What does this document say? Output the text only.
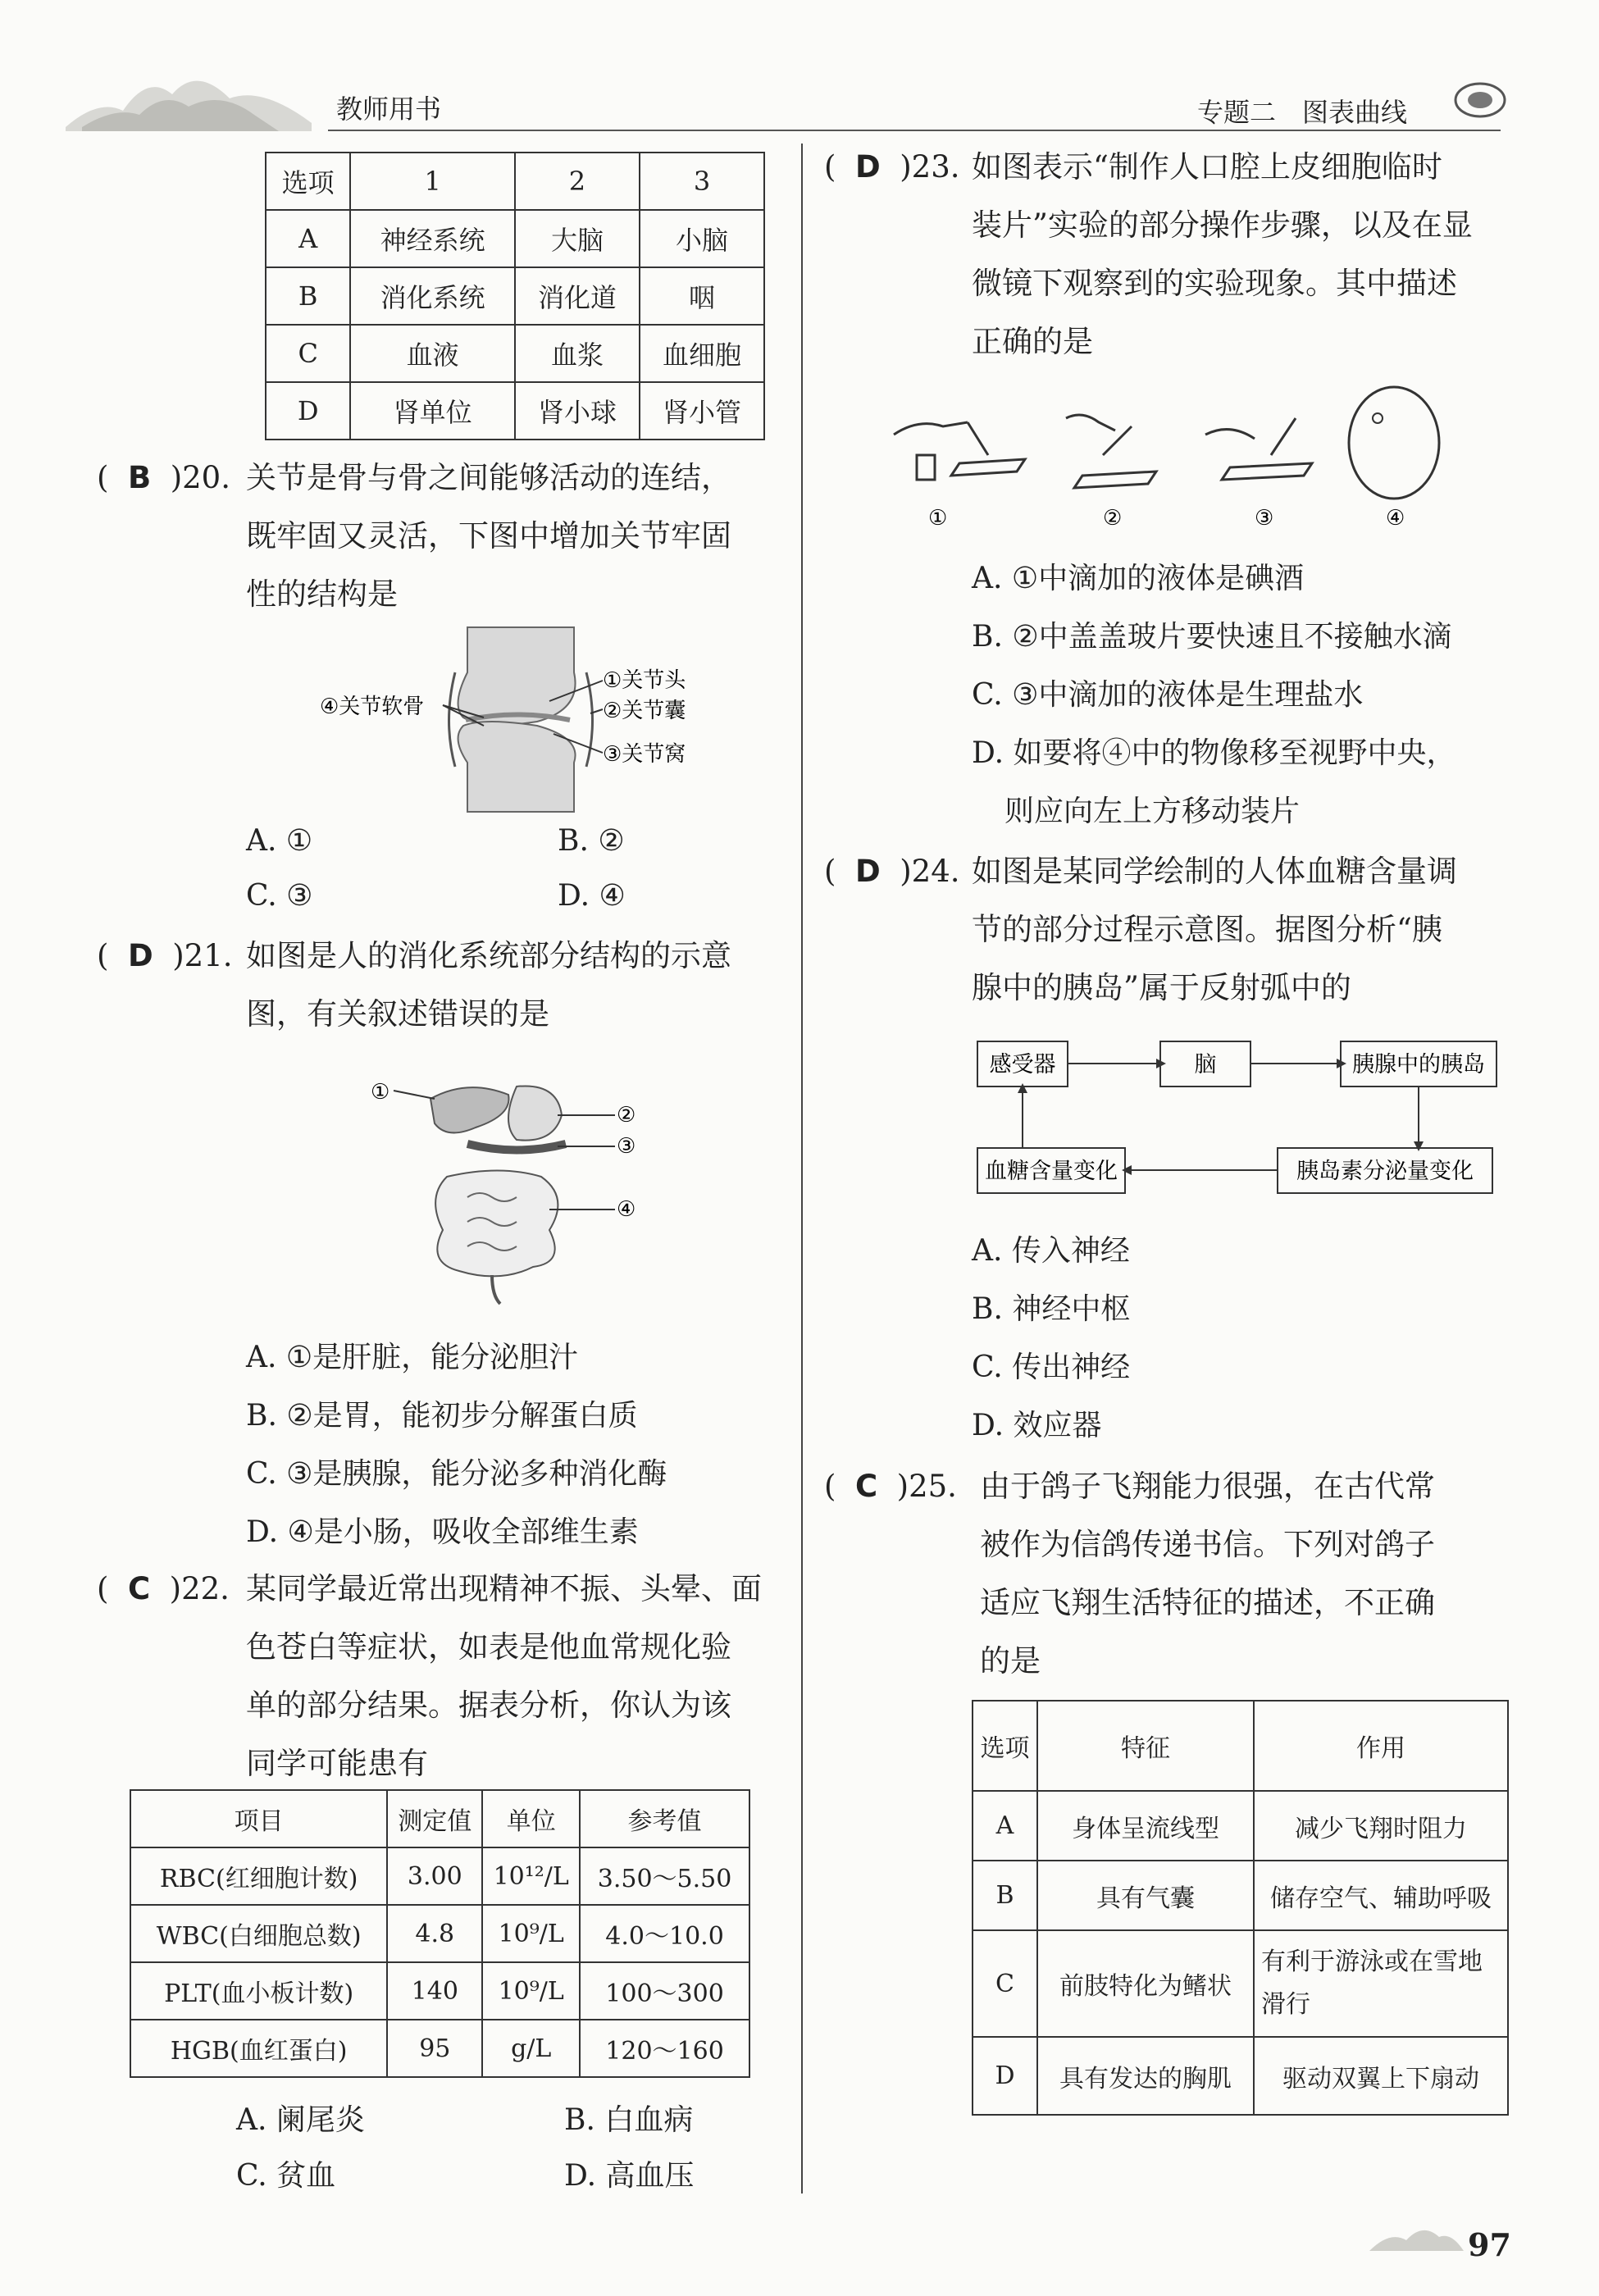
教师用书	专题二　图表曲线
选项	1	2	3
A	神经系统	大脑	小脑
B	消化系统	消化道	咽
C	血液	血浆	血细胞
D	肾单位	肾小球	肾小管
(  B )20. 关节是骨与骨之间能够活动的连结，
既牢固又灵活，下图中增加关节牢固
性的结构是
①关节头
②关节囊
③关节窝
④关节软骨
A. ①	B. ②
C. ③	D. ④
(  D )21. 如图是人的消化系统部分结构的示意
图，有关叙述错误的是
①
②
③
④
A. ①是肝脏，能分泌胆汁
B. ②是胃，能初步分解蛋白质
C. ③是胰腺，能分泌多种消化酶
D. ④是小肠，吸收全部维生素
(  C )22. 某同学最近常出现精神不振、头晕、面
色苍白等症状，如表是他血常规化验
单的部分结果。据表分析，你认为该
同学可能患有
项目	测定值	单位	参考值
RBC(红细胞计数)	3.00	10¹²/L	3.50～5.50
WBC(白细胞总数)	4.8	10⁹/L	4.0～10.0
PLT(血小板计数)	140	10⁹/L	100～300
HGB(血红蛋白)	95	g/L	120～160
A. 阑尾炎	B. 白血病
C. 贫血	D. 高血压
(  D )23. 如图表示“制作人口腔上皮细胞临时
装片”实验的部分操作步骤，以及在显
微镜下观察到的实验现象。其中描述
正确的是
①	②	③	④
A. ①中滴加的液体是碘酒
B. ②中盖盖玻片要快速且不接触水滴
C. ③中滴加的液体是生理盐水
D. 如要将④中的物像移至视野中央，
则应向左上方移动装片
(  D )24. 如图是某同学绘制的人体血糖含量调
节的部分过程示意图。据图分析“胰
腺中的胰岛”属于反射弧中的
感受器	脑	胰腺中的胰岛
血糖含量变化	胰岛素分泌量变化
A. 传入神经
B. 神经中枢
C. 传出神经
D. 效应器
(  C )25. 由于鸽子飞翔能力很强，在古代常
被作为信鸽传递书信。下列对鸽子
适应飞翔生活特征的描述，不正确
的是
选项	特征	作用
A	身体呈流线型	减少飞翔时阻力
B	具有气囊	储存空气、辅助呼吸
C	前肢特化为鳍状	有利于游泳或在雪地滑行
D	具有发达的胸肌	驱动双翼上下扇动
97
